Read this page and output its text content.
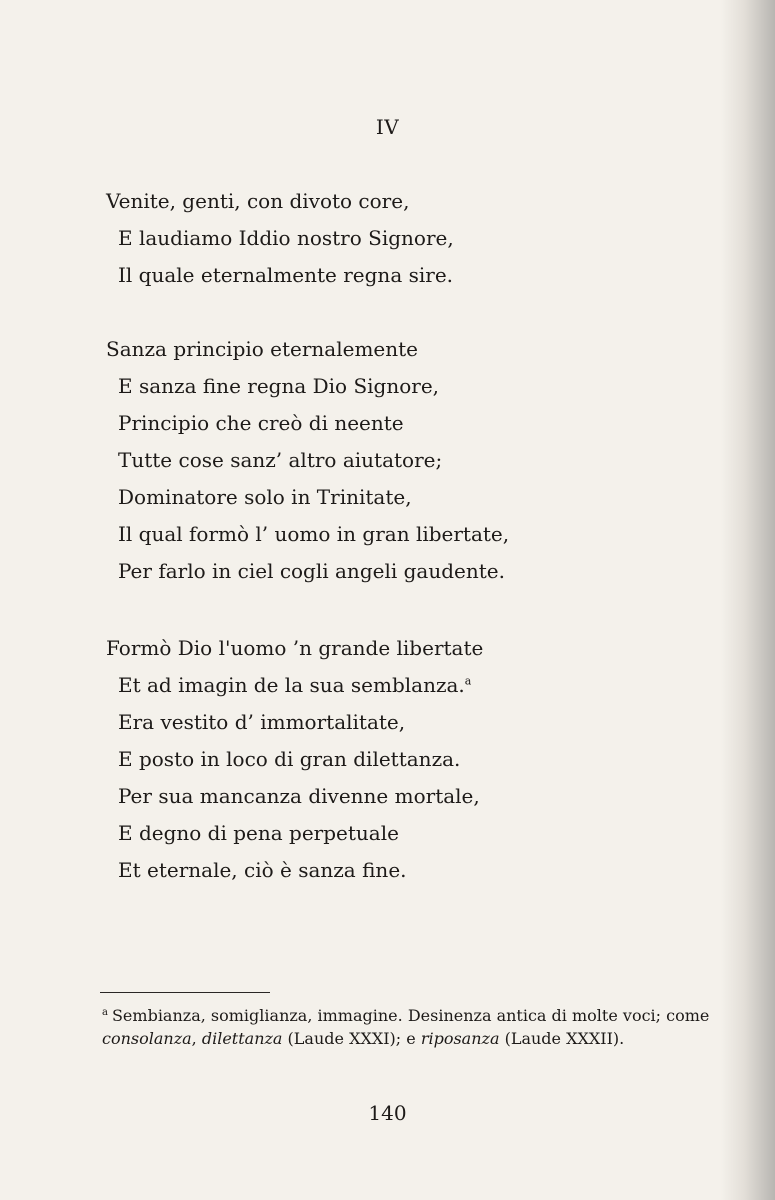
IV
Venite, genti, con divoto core,
E laudiamo Iddio nostro Signore,
Il quale eternalmente regna sire.
Sanza principio eternalemente
E sanza fine regna Dio Signore,
Principio che creò di neente
Tutte cose sanz’ altro aiutatore;
Dominatore solo in Trinitate,
Il qual formò l’ uomo in gran libertate,
Per farlo in ciel cogli angeli gaudente.
Formò Dio l'uomo ’n grande libertate
Et ad imagin de la sua semblanza.$^a$
Era vestito d’ immortalitate,
E posto in loco di gran dilettanza.
Per sua mancanza divenne mortale,
E degno di pena perpetuale
Et eternale, ciò è sanza fine.
$^a$ Sembianza, somiglianza, immagine. Desinenza antica di molte voci; come consolanza, dilettanza (Laude XXXI); e riposanza (Laude XXXII).
140
